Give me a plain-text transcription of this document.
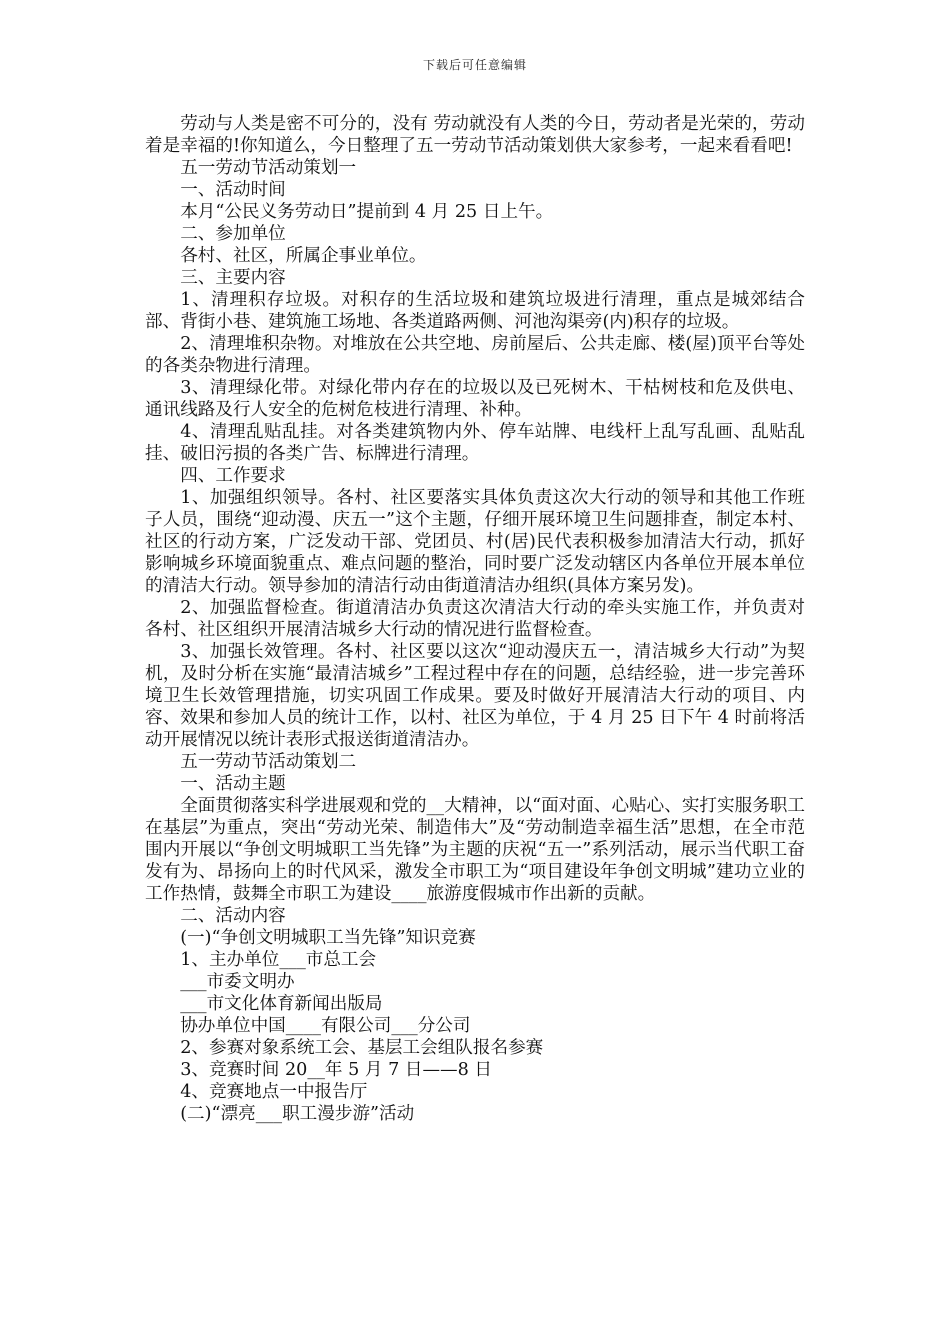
下载后可任意编辑

劳动与人类是密不可分的，没有 劳动就没有人类的今日，劳动者是光荣的，劳动着是幸福的!你知道么，今日整理了五一劳动节活动策划供大家参考，一起来看看吧!

五一劳动节活动策划一

一、活动时间

本月“公民义务劳动日”提前到 4 月 25 日上午。

二、参加单位

各村、社区，所属企事业单位。

三、主要内容

1、清理积存垃圾。对积存的生活垃圾和建筑垃圾进行清理，重点是城郊结合部、背街小巷、建筑施工场地、各类道路两侧、河池沟渠旁(内)积存的垃圾。

2、清理堆积杂物。对堆放在公共空地、房前屋后、公共走廊、楼(屋)顶平台等处的各类杂物进行清理。

3、清理绿化带。对绿化带内存在的垃圾以及已死树木、干枯树枝和危及供电、通讯线路及行人安全的危树危枝进行清理、补种。

4、清理乱贴乱挂。对各类建筑物内外、停车站牌、电线杆上乱写乱画、乱贴乱挂、破旧污损的各类广告、标牌进行清理。

四、工作要求

1、加强组织领导。各村、社区要落实具体负责这次大行动的领导和其他工作班子人员，围绕“迎动漫、庆五一”这个主题，仔细开展环境卫生问题排查，制定本村、社区的行动方案，广泛发动干部、党团员、村(居)民代表积极参加清洁大行动，抓好影响城乡环境面貌重点、难点问题的整治，同时要广泛发动辖区内各单位开展本单位的清洁大行动。领导参加的清洁行动由街道清洁办组织(具体方案另发)。

2、加强监督检查。街道清洁办负责这次清洁大行动的牵头实施工作，并负责对各村、社区组织开展清洁城乡大行动的情况进行监督检查。

3、加强长效管理。各村、社区要以这次“迎动漫庆五一，清洁城乡大行动”为契机，及时分析在实施“最清洁城乡”工程过程中存在的问题，总结经验，进一步完善环境卫生长效管理措施，切实巩固工作成果。要及时做好开展清洁大行动的项目、内容、效果和参加人员的统计工作，以村、社区为单位，于 4 月 25 日下午 4 时前将活动开展情况以统计表形式报送街道清洁办。

五一劳动节活动策划二

一、活动主题

全面贯彻落实科学进展观和党的__大精神，以“面对面、心贴心、实打实服务职工在基层”为重点，突出“劳动光荣、制造伟大”及“劳动制造幸福生活”思想，在全市范围内开展以“争创文明城职工当先锋”为主题的庆祝“五一”系列活动，展示当代职工奋发有为、昂扬向上的时代风采，激发全市职工为“项目建设年争创文明城”建功立业的工作热情，鼓舞全市职工为建设____旅游度假城市作出新的贡献。

二、活动内容

(一)“争创文明城职工当先锋”知识竞赛

1、主办单位___市总工会

___市委文明办

___市文化体育新闻出版局

协办单位中国____有限公司___分公司

2、参赛对象系统工会、基层工会组队报名参赛

3、竞赛时间 20__年 5 月 7 日——8 日

4、竞赛地点一中报告厅

(二)“漂亮___职工漫步游”活动
